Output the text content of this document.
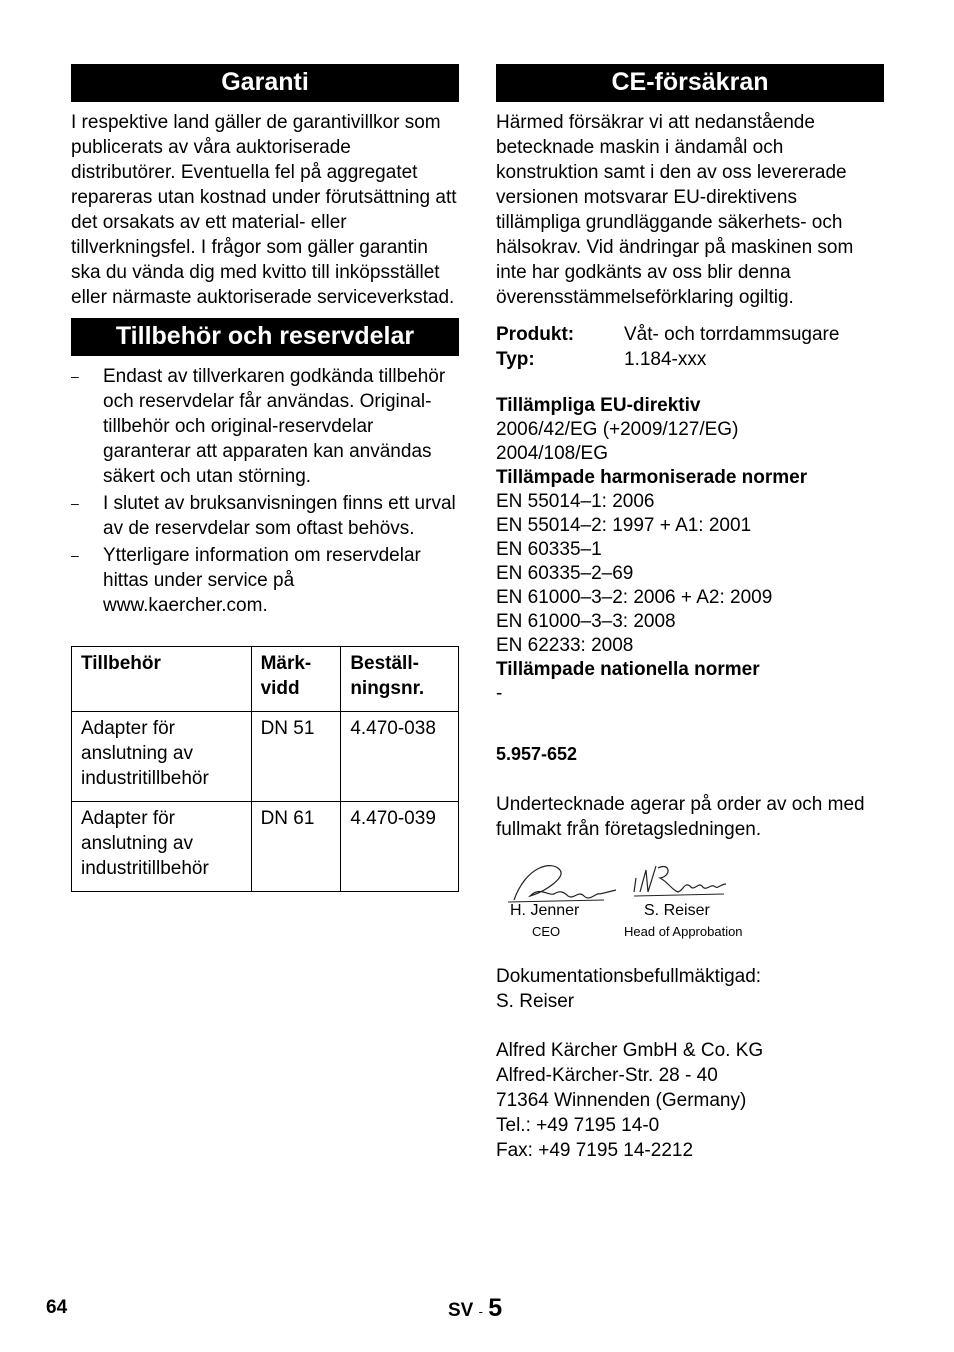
Garanti

I respektive land gäller de garantivillkor som publicerats av våra auktoriserade distributörer. Eventuella fel på aggregatet repareras utan kostnad under förutsättning att det orsakats av ett material- eller tillverkningsfel. I frågor som gäller garantin ska du vända dig med kvitto till inköpsstället eller närmaste auktoriserade serviceverkstad.

Tillbehör och reservdelar
– Endast av tillverkaren godkända tillbehör och reservdelar får användas. Original-tillbehör och original-reservdelar garanterar att apparaten kan användas säkert och utan störning.
– I slutet av bruksanvisningen finns ett urval av de reservdelar som oftast behövs.
– Ytterligare information om reservdelar hittas under service på www.kaercher.com.
Tillbehör	Märk-vidd	Beställ-ningsnr.
Adapter för anslutning av industritillbehör	DN 51	4.470-038
Adapter för anslutning av industritillbehör	DN 61	4.470-039
CE-försäkran

Härmed försäkrar vi att nedanstående betecknade maskin i ändamål och konstruktion samt i den av oss levererade versionen motsvarar EU-direktivens tillämpliga grundläggande säkerhets- och hälsokrav. Vid ändringar på maskinen som inte har godkänts av oss blir denna överensstämmelseförklaring ogiltig.

Produkt:	Våt- och torrdammsugare
Typ:	1.184-xxx
Tillämpliga EU-direktiv
2006/42/EG (+2009/127/EG)
2004/108/EG
Tillämpade harmoniserade normer
EN 55014–1: 2006
EN 55014–2: 1997 + A1: 2001
EN 60335–1
EN 60335–2–69
EN 61000–3–2: 2006 + A2: 2009
EN 61000–3–3: 2008
EN 62233: 2008
Tillämpade nationella normer
-
5.957-652

Undertecknade agerar på order av och med fullmakt från företagsledningen.

H. Jenner
CEO
S. Reiser
Head of Approbation
Dokumentationsbefullmäktigad:
S. Reiser
Alfred Kärcher GmbH & Co. KG
Alfred-Kärcher-Str. 28 - 40
71364 Winnenden (Germany)
Tel.: +49 7195 14-0
Fax: +49 7195 14-2212
64	SV - 5
